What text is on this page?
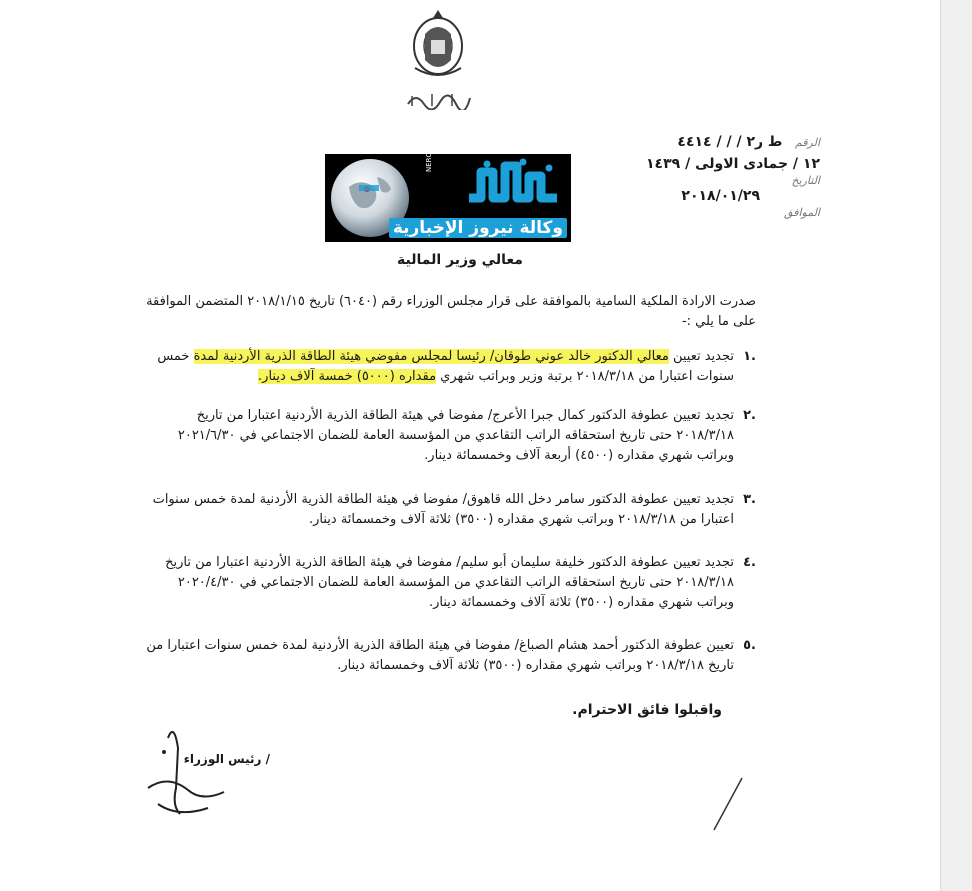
الرقم ط ر٢ / / / ٤٤١٤
١٢ / جمادى الاولى / ١٤٣٩
التاريخ
٢٠١٨/٠١/٢٩
الموافق
NEROZ.NEWS
وكالة نيروز الإخبارية
معالي وزير المالية
صدرت الارادة الملكية السامية بالموافقة على قرار مجلس الوزراء رقم (٦٠٤٠) تاريخ ٢٠١٨/١/١٥ المتضمن الموافقة على ما يلي :-
.١
تجديد تعيين معالي الدكتور خالد عوني طوقان/ رئيسا لمجلس مفوضي هيئة الطاقة الذرية الأردنية لمدة خمس سنوات اعتبارا من ٢٠١٨/٣/١٨ برتبة وزير وبراتب شهري مقداره (٥٠٠٠) خمسة آلاف دينار.
.٢
تجديد تعيين عطوفة الدكتور كمال جبرا الأعرج/ مفوضا في هيئة الطاقة الذرية الأردنية اعتبارا من تاريخ ٢٠١٨/٣/١٨ حتى تاريخ استحقاقه الراتب التقاعدي من المؤسسة العامة للضمان الاجتماعي في ٢٠٢١/٦/٣٠ وبراتب شهري مقداره (٤٥٠٠) أربعة آلاف وخمسمائة دينار.
.٣
تجديد تعيين عطوفة الدكتور سامر دخل الله قاهوق/ مفوضا في هيئة الطاقة الذرية الأردنية لمدة خمس سنوات اعتبارا من ٢٠١٨/٣/١٨ وبراتب شهري مقداره (٣٥٠٠) ثلاثة آلاف وخمسمائة دينار.
.٤
تجديد تعيين عطوفة الدكتور خليفة سليمان أبو سليم/ مفوضا في هيئة الطاقة الذرية الأردنية اعتبارا من تاريخ ٢٠١٨/٣/١٨ حتى تاريخ استحقاقه الراتب التقاعدي من المؤسسة العامة للضمان الاجتماعي في ٢٠٢٠/٤/٣٠ وبراتب شهري مقداره (٣٥٠٠) ثلاثة آلاف وخمسمائة دينار.
.٥
تعيين عطوفة الدكتور أحمد هشام الصباغ/ مفوضا في هيئة الطاقة الذرية الأردنية لمدة خمس سنوات اعتبارا من تاريخ ٢٠١٨/٣/١٨ وبراتب شهري مقداره (٣٥٠٠) ثلاثة آلاف وخمسمائة دينار.
واقبلوا فائق الاحترام.
/ رئيس الوزراء
